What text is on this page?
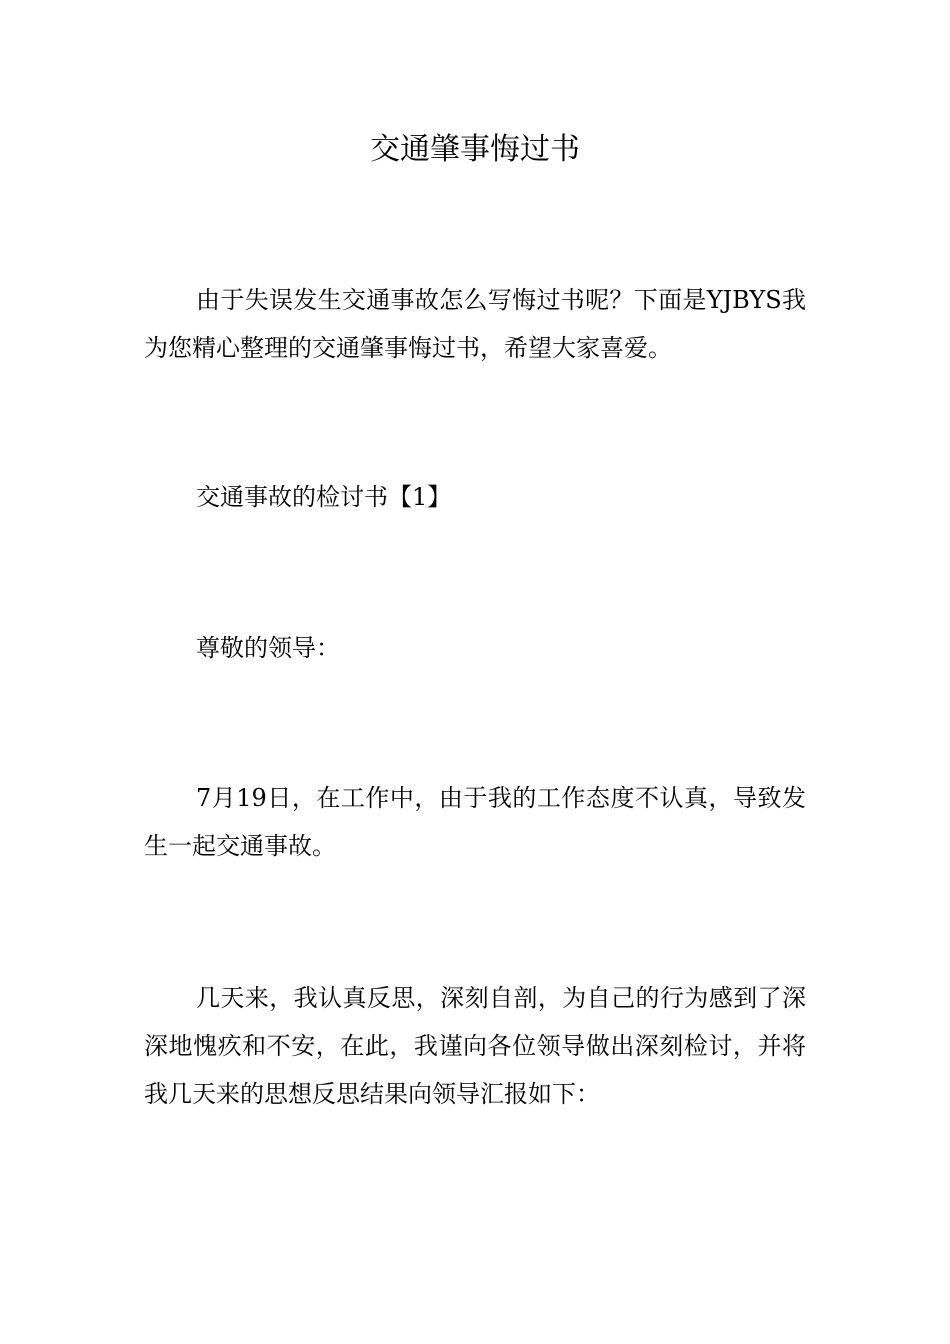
交通肇事悔过书

由于失误发生交通事故怎么写悔过书呢？下面是YJBYS我为您精心整理的交通肇事悔过书，希望大家喜爱。

交通事故的检讨书【1】

尊敬的领导：

7月19日，在工作中，由于我的工作态度不认真，导致发生一起交通事故。

几天来，我认真反思，深刻自剖，为自己的行为感到了深深地愧疚和不安，在此，我谨向各位领导做出深刻检讨，并将我几天来的思想反思结果向领导汇报如下：
